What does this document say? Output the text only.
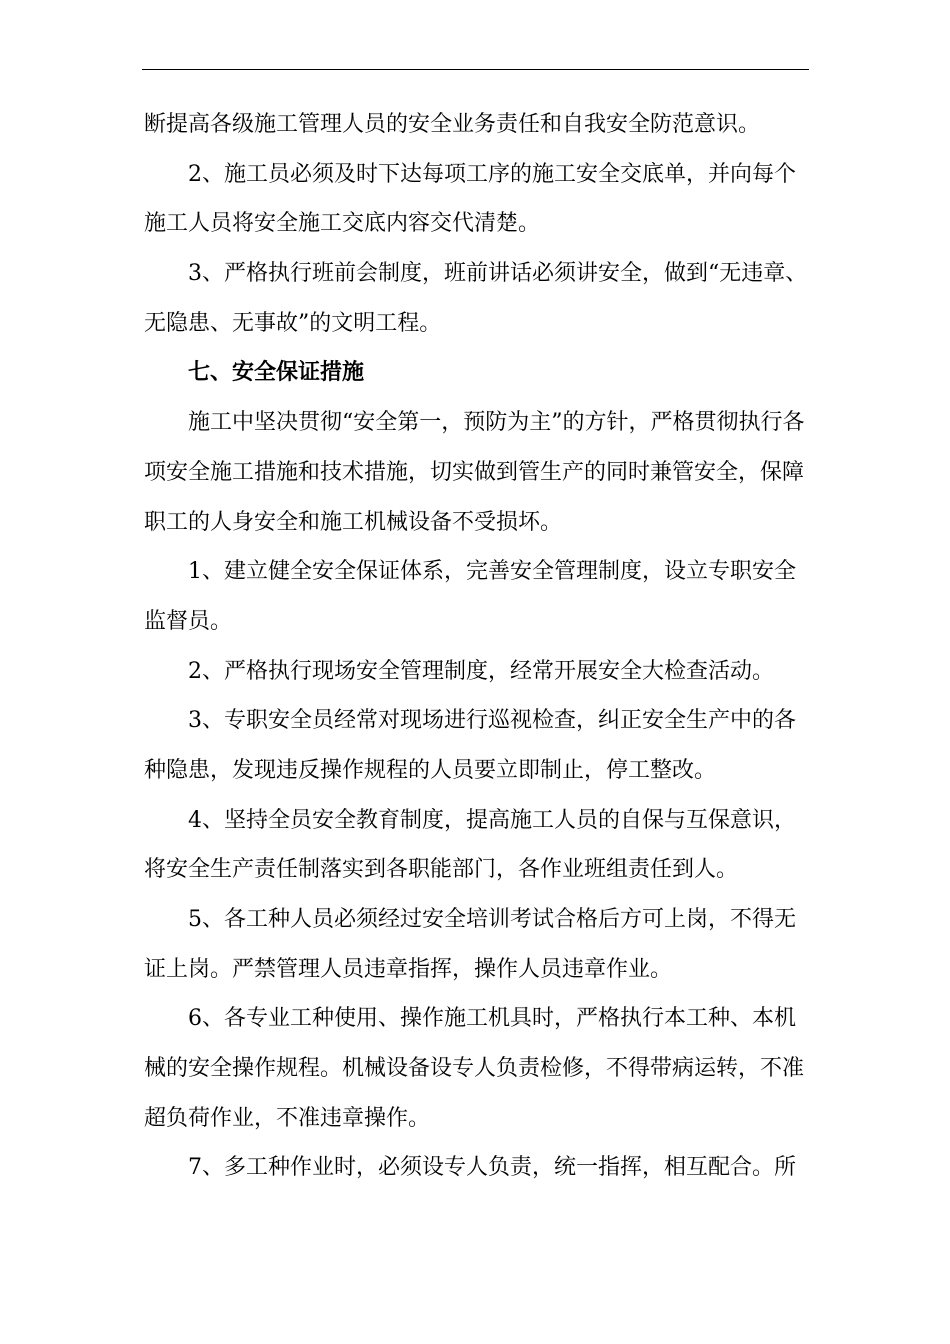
断提高各级施工管理人员的安全业务责任和自我安全防范意识。
2、施工员必须及时下达每项工序的施工安全交底单，并向每个
施工人员将安全施工交底内容交代清楚。
3、严格执行班前会制度，班前讲话必须讲安全，做到“无违章、
无隐患、无事故”的文明工程。
七、安全保证措施
施工中坚决贯彻“安全第一，预防为主”的方针，严格贯彻执行各
项安全施工措施和技术措施，切实做到管生产的同时兼管安全，保障
职工的人身安全和施工机械设备不受损坏。
1、建立健全安全保证体系，完善安全管理制度，设立专职安全
监督员。
2、严格执行现场安全管理制度，经常开展安全大检查活动。
3、专职安全员经常对现场进行巡视检查，纠正安全生产中的各
种隐患，发现违反操作规程的人员要立即制止，停工整改。
4、坚持全员安全教育制度，提高施工人员的自保与互保意识，
将安全生产责任制落实到各职能部门，各作业班组责任到人。
5、各工种人员必须经过安全培训考试合格后方可上岗，不得无
证上岗。严禁管理人员违章指挥，操作人员违章作业。
6、各专业工种使用、操作施工机具时，严格执行本工种、本机
械的安全操作规程。机械设备设专人负责检修，不得带病运转，不准
超负荷作业，不准违章操作。
7、多工种作业时，必须设专人负责，统一指挥，相互配合。所
